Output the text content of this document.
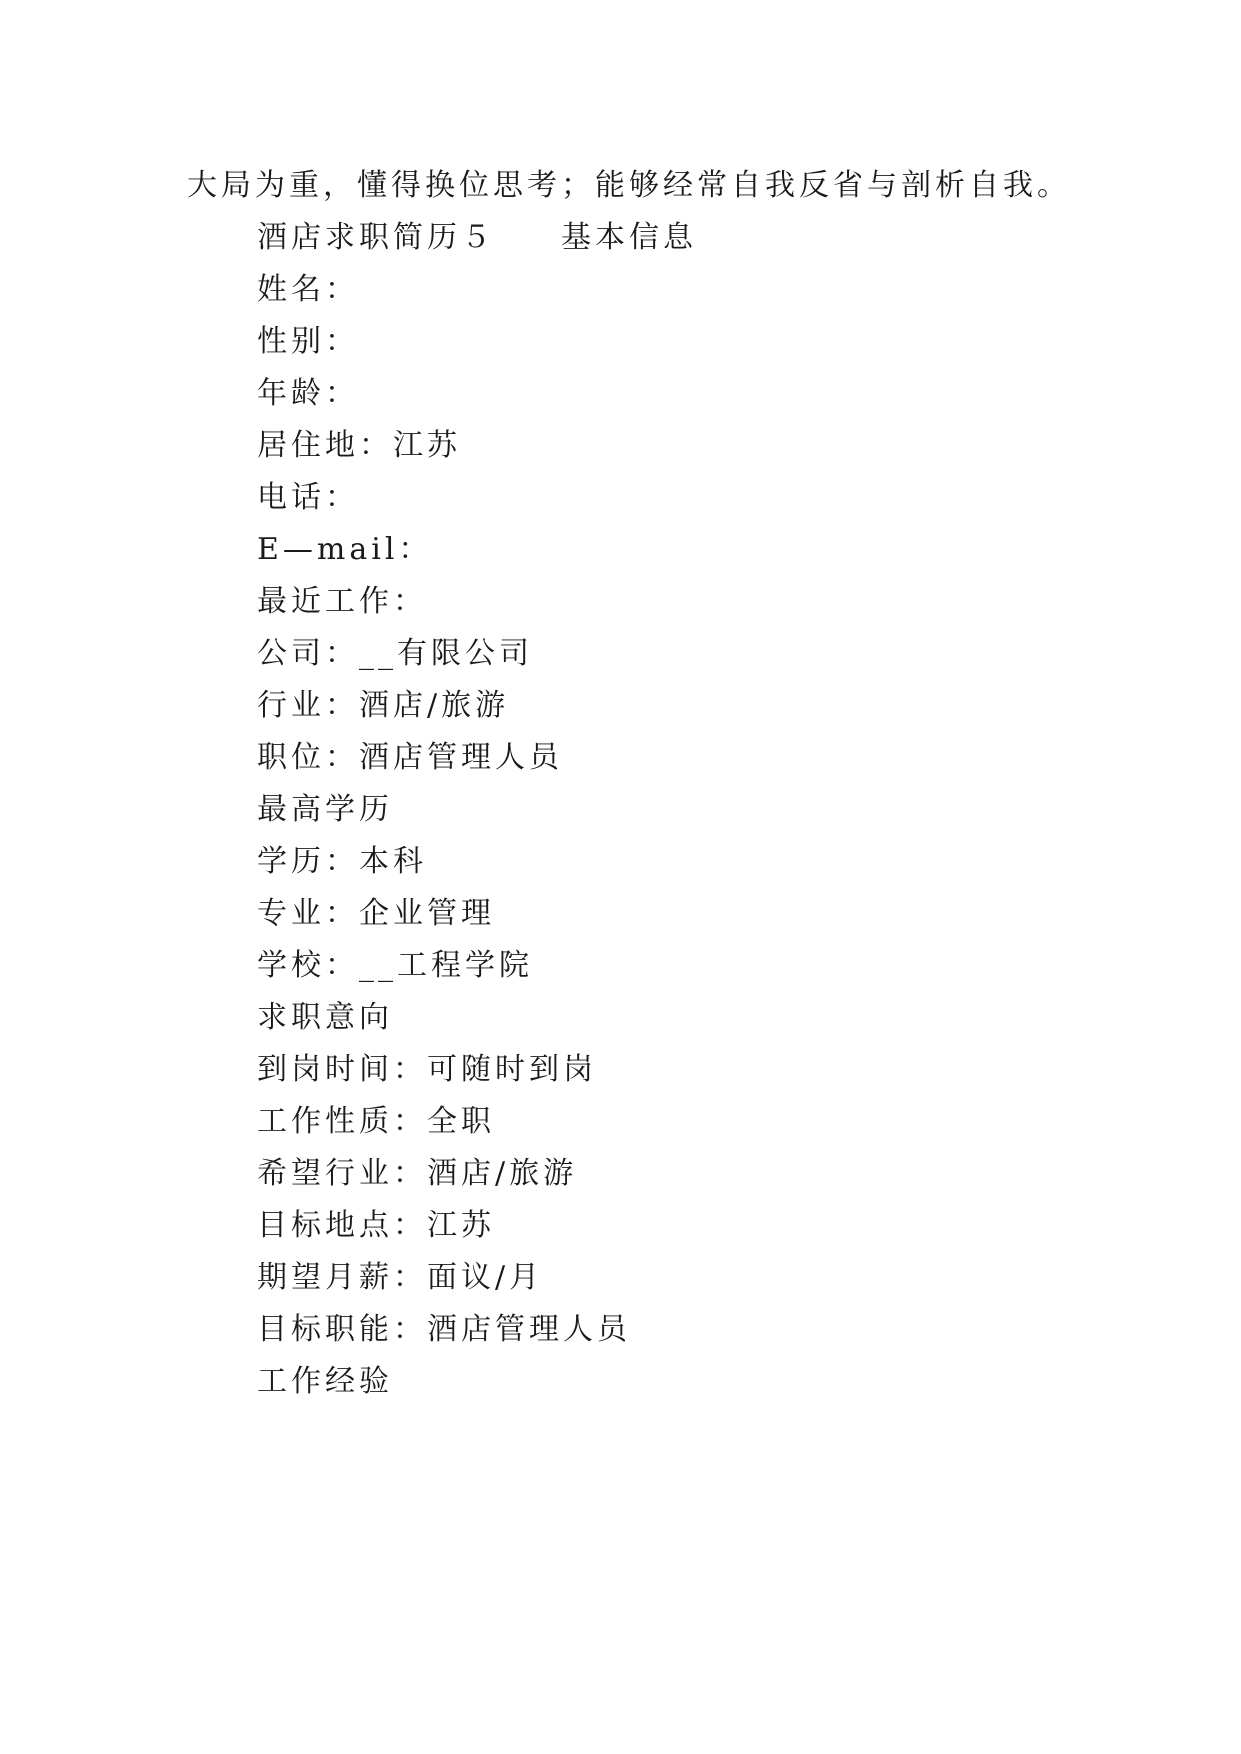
大局为重，懂得换位思考；能够经常自我反省与剖析自我。
酒店求职简历５ 基本信息
姓名：
性别：
年龄：
居住地：江苏
电话：
E—mail：
最近工作：
公司：__有限公司
行业：酒店/旅游
职位：酒店管理人员
最高学历
学历：本科
专业：企业管理
学校：__工程学院
求职意向
到岗时间：可随时到岗
工作性质：全职
希望行业：酒店/旅游
目标地点：江苏
期望月薪：面议/月
目标职能：酒店管理人员
工作经验
